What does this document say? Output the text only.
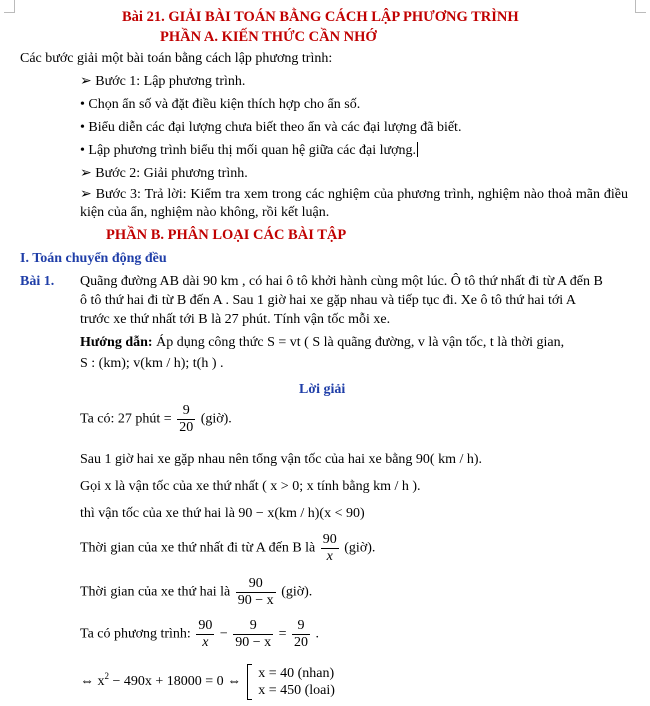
Bài 21. GIẢI BÀI TOÁN BẰNG CÁCH LẬP PHƯƠNG TRÌNH
PHẦN A. KIẾN THỨC CẦN NHỚ
Các bước giải một bài toán bằng cách lập phương trình:
➢ Bước 1: Lập phương trình.
• Chọn ẩn số và đặt điều kiện thích hợp cho ẩn số.
• Biểu diễn các đại lượng chưa biết theo ẩn và các đại lượng đã biết.
• Lập phương trình biểu thị mối quan hệ giữa các đại lượng.
➢ Bước 2: Giải phương trình.
➢ Bước 3: Trả lời: Kiểm tra xem trong các nghiệm của phương trình, nghiệm nào thoả mãn điều kiện của ẩn, nghiệm nào không, rồi kết luận.
PHẦN B. PHÂN LOẠI CÁC BÀI TẬP
I. Toán chuyển động đều
Bài 1. Quãng đường AB dài 90 km , có hai ô tô khởi hành cùng một lúc. Ô tô thứ nhất đi từ A đến B
ô tô thứ hai đi từ B đến A . Sau 1 giờ hai xe gặp nhau và tiếp tục đi. Xe ô tô thứ hai tới A
trước xe thứ nhất tới B là 27 phút. Tính vận tốc mỗi xe.
Hướng dẫn: Áp dụng công thức S = vt ( S là quãng đường, v là vận tốc, t là thời gian,
S : (km); v(km / h); t(h ) .
Lời giải
Ta có: 27 phút = $\frac{9}{20}$ (giờ).
Sau 1 giờ hai xe gặp nhau nên tổng vận tốc của hai xe bằng 90( km / h).
Gọi x là vận tốc của xe thứ nhất ( x > 0; x tính bằng km / h ).
thì vận tốc của xe thứ hai là 90 − x(km / h)(x < 90)
Thời gian của xe thứ nhất đi từ A đến B là $\frac{90}{x}$ (giờ).
Thời gian của xe thứ hai là $\frac{90}{90 - x}$ (giờ).
Ta có phương trình: $\frac{90}{x} - \frac{9}{90 - x} = \frac{9}{20}$ .
⇔ $x^2 - 490x + 18000 = 0$ ⇔
x = 40 (nhan)
x = 450 (loai)
